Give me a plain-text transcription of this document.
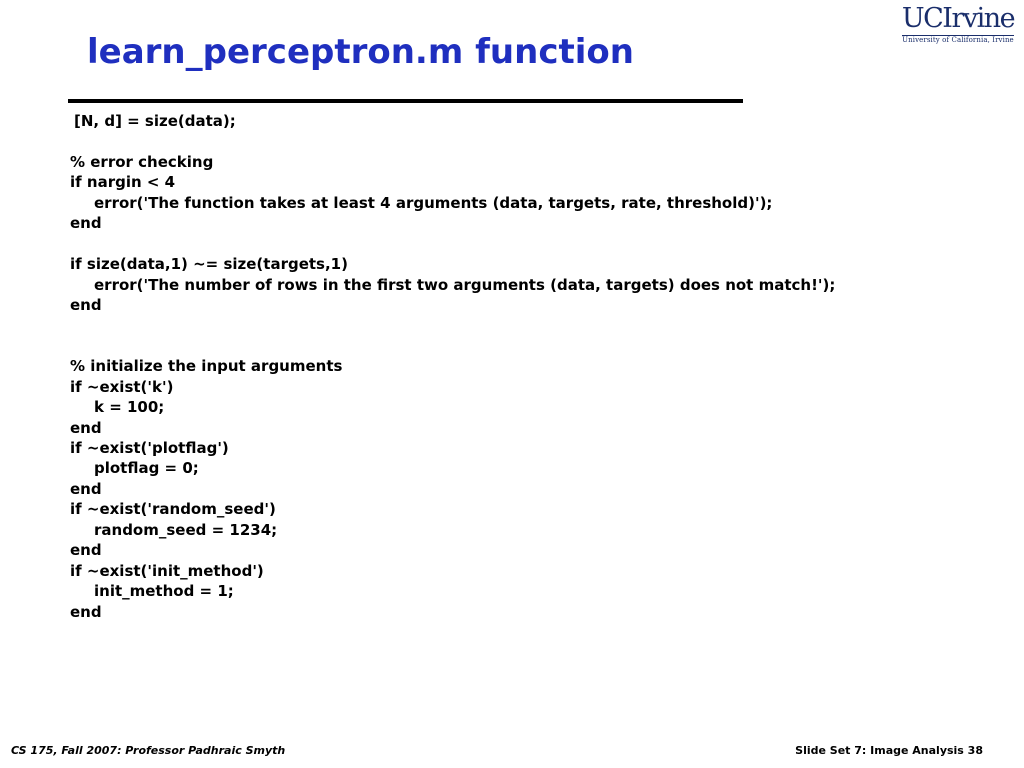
learn_perceptron.m function
UCIrvine
University of California, Irvine
[N, d] = size(data);
% error checking
if nargin < 4
error('The function takes at least 4 arguments (data, targets, rate, threshold)');
end
if size(data,1) ~= size(targets,1)
error('The number of rows in the first two arguments (data, targets) does not match!');
end
% initialize the input arguments
if ~exist('k')
k = 100;
end
if ~exist('plotflag')
plotflag = 0;
end
if ~exist('random_seed')
random_seed = 1234;
end
if ~exist('init_method')
init_method = 1;
end
CS 175, Fall 2007: Professor Padhraic Smyth	Slide Set 7: Image Analysis 38
